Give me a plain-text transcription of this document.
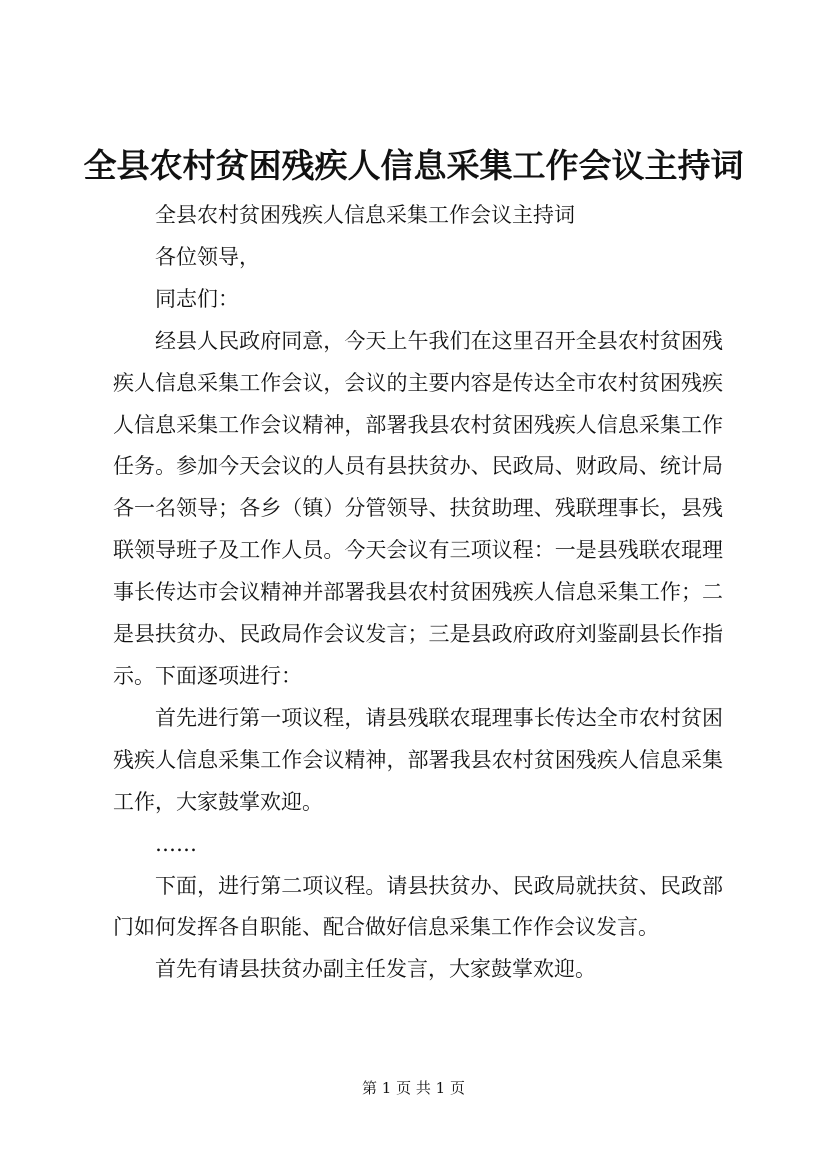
全县农村贫困残疾人信息采集工作会议主持词

全县农村贫困残疾人信息采集工作会议主持词

各位领导，

同志们：

经县人民政府同意，今天上午我们在这里召开全县农村贫困残疾人信息采集工作会议，会议的主要内容是传达全市农村贫困残疾人信息采集工作会议精神，部署我县农村贫困残疾人信息采集工作任务。参加今天会议的人员有县扶贫办、民政局、财政局、统计局各一名领导；各乡（镇）分管领导、扶贫助理、残联理事长，县残联领导班子及工作人员。今天会议有三项议程：一是县残联农琨理事长传达市会议精神并部署我县农村贫困残疾人信息采集工作；二是县扶贫办、民政局作会议发言；三是县政府政府刘鉴副县长作指示。下面逐项进行：

首先进行第一项议程，请县残联农琨理事长传达全市农村贫困残疾人信息采集工作会议精神，部署我县农村贫困残疾人信息采集工作，大家鼓掌欢迎。

……

下面，进行第二项议程。请县扶贫办、民政局就扶贫、民政部门如何发挥各自职能、配合做好信息采集工作作会议发言。

首先有请县扶贫办副主任发言，大家鼓掌欢迎。

第 1 页 共 1 页
